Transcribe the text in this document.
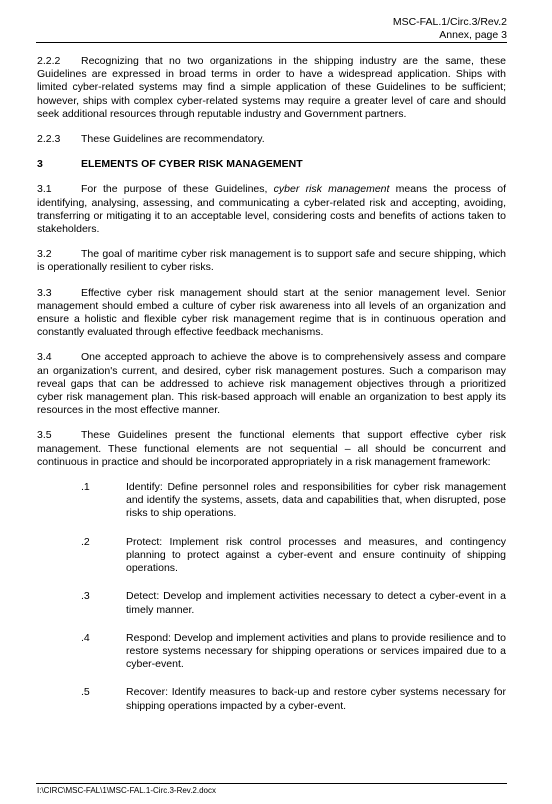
MSC-FAL.1/Circ.3/Rev.2
Annex, page 3

2.2.2 Recognizing that no two organizations in the shipping industry are the same, these Guidelines are expressed in broad terms in order to have a widespread application. Ships with limited cyber-related systems may find a simple application of these Guidelines to be sufficient; however, ships with complex cyber-related systems may require a greater level of care and should seek additional resources through reputable industry and Government partners.

2.2.3 These Guidelines are recommendatory.

3	ELEMENTS OF CYBER RISK MANAGEMENT

3.1	For the purpose of these Guidelines, cyber risk management means the process of identifying, analysing, assessing, and communicating a cyber-related risk and accepting, avoiding, transferring or mitigating it to an acceptable level, considering costs and benefits of actions taken to stakeholders.

3.2	The goal of maritime cyber risk management is to support safe and secure shipping, which is operationally resilient to cyber risks.

3.3	Effective cyber risk management should start at the senior management level. Senior management should embed a culture of cyber risk awareness into all levels of an organization and ensure a holistic and flexible cyber risk management regime that is in continuous operation and constantly evaluated through effective feedback mechanisms.

3.4	One accepted approach to achieve the above is to comprehensively assess and compare an organization's current, and desired, cyber risk management postures. Such a comparison may reveal gaps that can be addressed to achieve risk management objectives through a prioritized cyber risk management plan. This risk-based approach will enable an organization to best apply its resources in the most effective manner.

3.5	These Guidelines present the functional elements that support effective cyber risk management. These functional elements are not sequential – all should be concurrent and continuous in practice and should be incorporated appropriately in a risk management framework:

.1	Identify: Define personnel roles and responsibilities for cyber risk management and identify the systems, assets, data and capabilities that, when disrupted, pose risks to ship operations.
.2	Protect: Implement risk control processes and measures, and contingency planning to protect against a cyber-event and ensure continuity of shipping operations.
.3	Detect: Develop and implement activities necessary to detect a cyber-event in a timely manner.
.4	Respond: Develop and implement activities and plans to provide resilience and to restore systems necessary for shipping operations or services impaired due to a cyber-event.
.5	Recover: Identify measures to back-up and restore cyber systems necessary for shipping operations impacted by a cyber-event.
I:\CIRC\MSC-FAL\1\MSC-FAL.1-Circ.3-Rev.2.docx
